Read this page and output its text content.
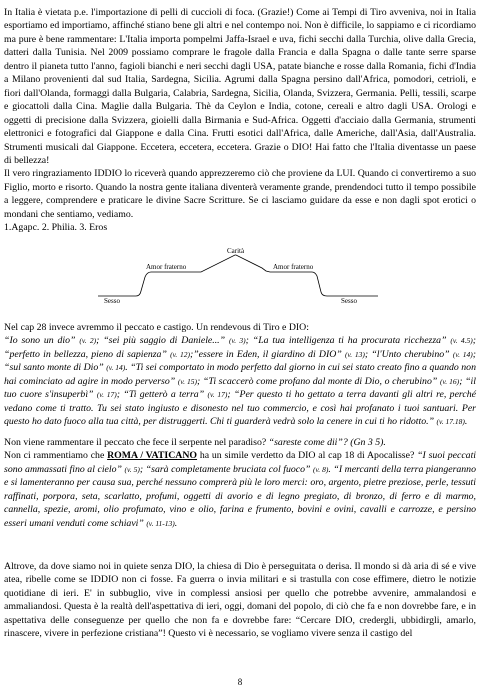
In Italia è vietata p.e. l'importazione di pelli di cuccioli di foca. (Grazie!) Come ai Tempi di Tiro avveniva, noi in Italia esportiamo ed importiamo, affinché stiano bene gli altri e nel contempo noi. Non è difficile, lo sappiamo e ci ricordiamo ma pure è bene rammentare: L'Italia importa pompelmi Jaffa-Israel e uva, fichi secchi dalla Turchia, olive dalla Grecia, datteri dalla Tunisia. Nel 2009 possiamo comprare le fragole dalla Francia e dalla Spagna o dalle tante serre sparse dentro il pianeta tutto l'anno, fagioli bianchi e neri secchi dagli USA, patate bianche e rosse dalla Romania, fichi d'India a Milano provenienti dal sud Italia, Sardegna, Sicilia. Agrumi dalla Spagna persino dall'Africa, pomodori, cetrioli, e fiori dall'Olanda, formaggi dalla Bulgaria, Calabria, Sardegna, Sicilia, Olanda, Svizzera, Germania. Pelli, tessili, scarpe e giocattoli dalla Cina. Maglie dalla Bulgaria. Thè da Ceylon e India, cotone, cereali e altro dagli USA. Orologi e oggetti di precisione dalla Svizzera, gioielli dalla Birmania e Sud-Africa. Oggetti d'acciaio dalla Germania, strumenti elettronici e fotografici dal Giappone e dalla Cina. Frutti esotici dall'Africa, dalle Americhe, dall'Asia, dall'Australia. Strumenti musicali dal Giappone. Eccetera, eccetera, eccetera. Grazie o DIO! Hai fatto che l'Italia diventasse un paese di bellezza!

Il vero ringraziamento IDDIO lo riceverà quando apprezzeremo ciò che proviene da LUI. Quando ci convertiremo a suo Figlio, morto e risorto. Quando la nostra gente italiana diventerà veramente grande, prendendoci tutto il tempo possibile a leggere, comprendere e praticare le divine Sacre Scritture. Se ci lasciamo guidare da esse e non dagli spot erotici o mondani che sentiamo, vediamo.

1.Agapc. 2. Philia. 3. Eros

Carità
Amor fraterno	Amor fraterno
Sesso	Sesso

Nel cap 28 invece avremmo il peccato e castigo. Un rendevous di Tiro e DIO:

“Io sono un dio” (v. 2); “sei più saggio di Daniele...” (v. 3); “La tua intelligenza ti ha procurata ricchezza” (v. 4.5); “perfetto in bellezza, pieno di sapienza” (v. 12);”essere in Eden, il giardino di DIO” (v. 13); “l'Unto cherubino” (v. 14); “sul santo monte di Dio” (v. 14). “Ti sei comportato in modo perfetto dal giorno in cui sei stato creato fino a quando non hai cominciato ad agire in modo perverso” (v. 15); “Ti scaccerò come profano dal monte di Dio, o cherubino” (v. 16); “il tuo cuore s'insuperbì” (v. 17); “Ti getterò a terra” (v. 17); “Per questo ti ho gettato a terra davanti gli altri re, perché vedano come ti tratto. Tu sei stato ingiusto e disonesto nel tuo commercio, e così hai profanato i tuoi santuari. Per questo ho dato fuoco alla tua città, per distruggerti. Chi ti guarderà vedrà solo la cenere in cui ti ho ridotto.” (v. 17.18).

Non viene rammentare il peccato che fece il serpente nel paradiso? “sareste come dii”? (Gn 3 5).

Non ci rammentiamo che ROMA / VATICANO ha un simile verdetto da DIO al cap 18 di Apocalisse? “I suoi peccati sono ammassati fino al cielo” (v. 5); “sarà completamente bruciata col fuoco” (v. 8). “I mercanti della terra piangeranno e si lamenteranno per causa sua, perché nessuno comprerà più le loro merci: oro, argento, pietre preziose, perle, tessuti raffinati, porpora, seta, scarlatto, profumi, oggetti di avorio e di legno pregiato, di bronzo, di ferro e di marmo, cannella, spezie, aromi, olio profumato, vino e olio, farina e frumento, bovini e ovini, cavalli e carrozze, e persino esseri umani venduti come schiavi” (v. 11-13).

Altrove, da dove siamo noi in quiete senza DIO, la chiesa di Dio è perseguitata o derisa. Il mondo si dà aria di sé e vive atea, ribelle come se IDDIO non ci fosse. Fa guerra o invia militari e si trastulla con cose effimere, dietro le notizie quotidiane di ieri. E' in subbuglio, vive in complessi ansiosi per quello che potrebbe avvenire, ammalandosi e ammaliandosi. Questa è la realtà dell'aspettativa di ieri, oggi, domani del popolo, di ciò che fa e non dovrebbe fare, e in aspettativa delle conseguenze per quello che non fa e dovrebbe fare: “Cercare DIO, credergli, ubbidirgli, amarlo, rinascere, vivere in perfezione cristiana”! Questo vi è necessario, se vogliamo vivere senza il castigo del

8
